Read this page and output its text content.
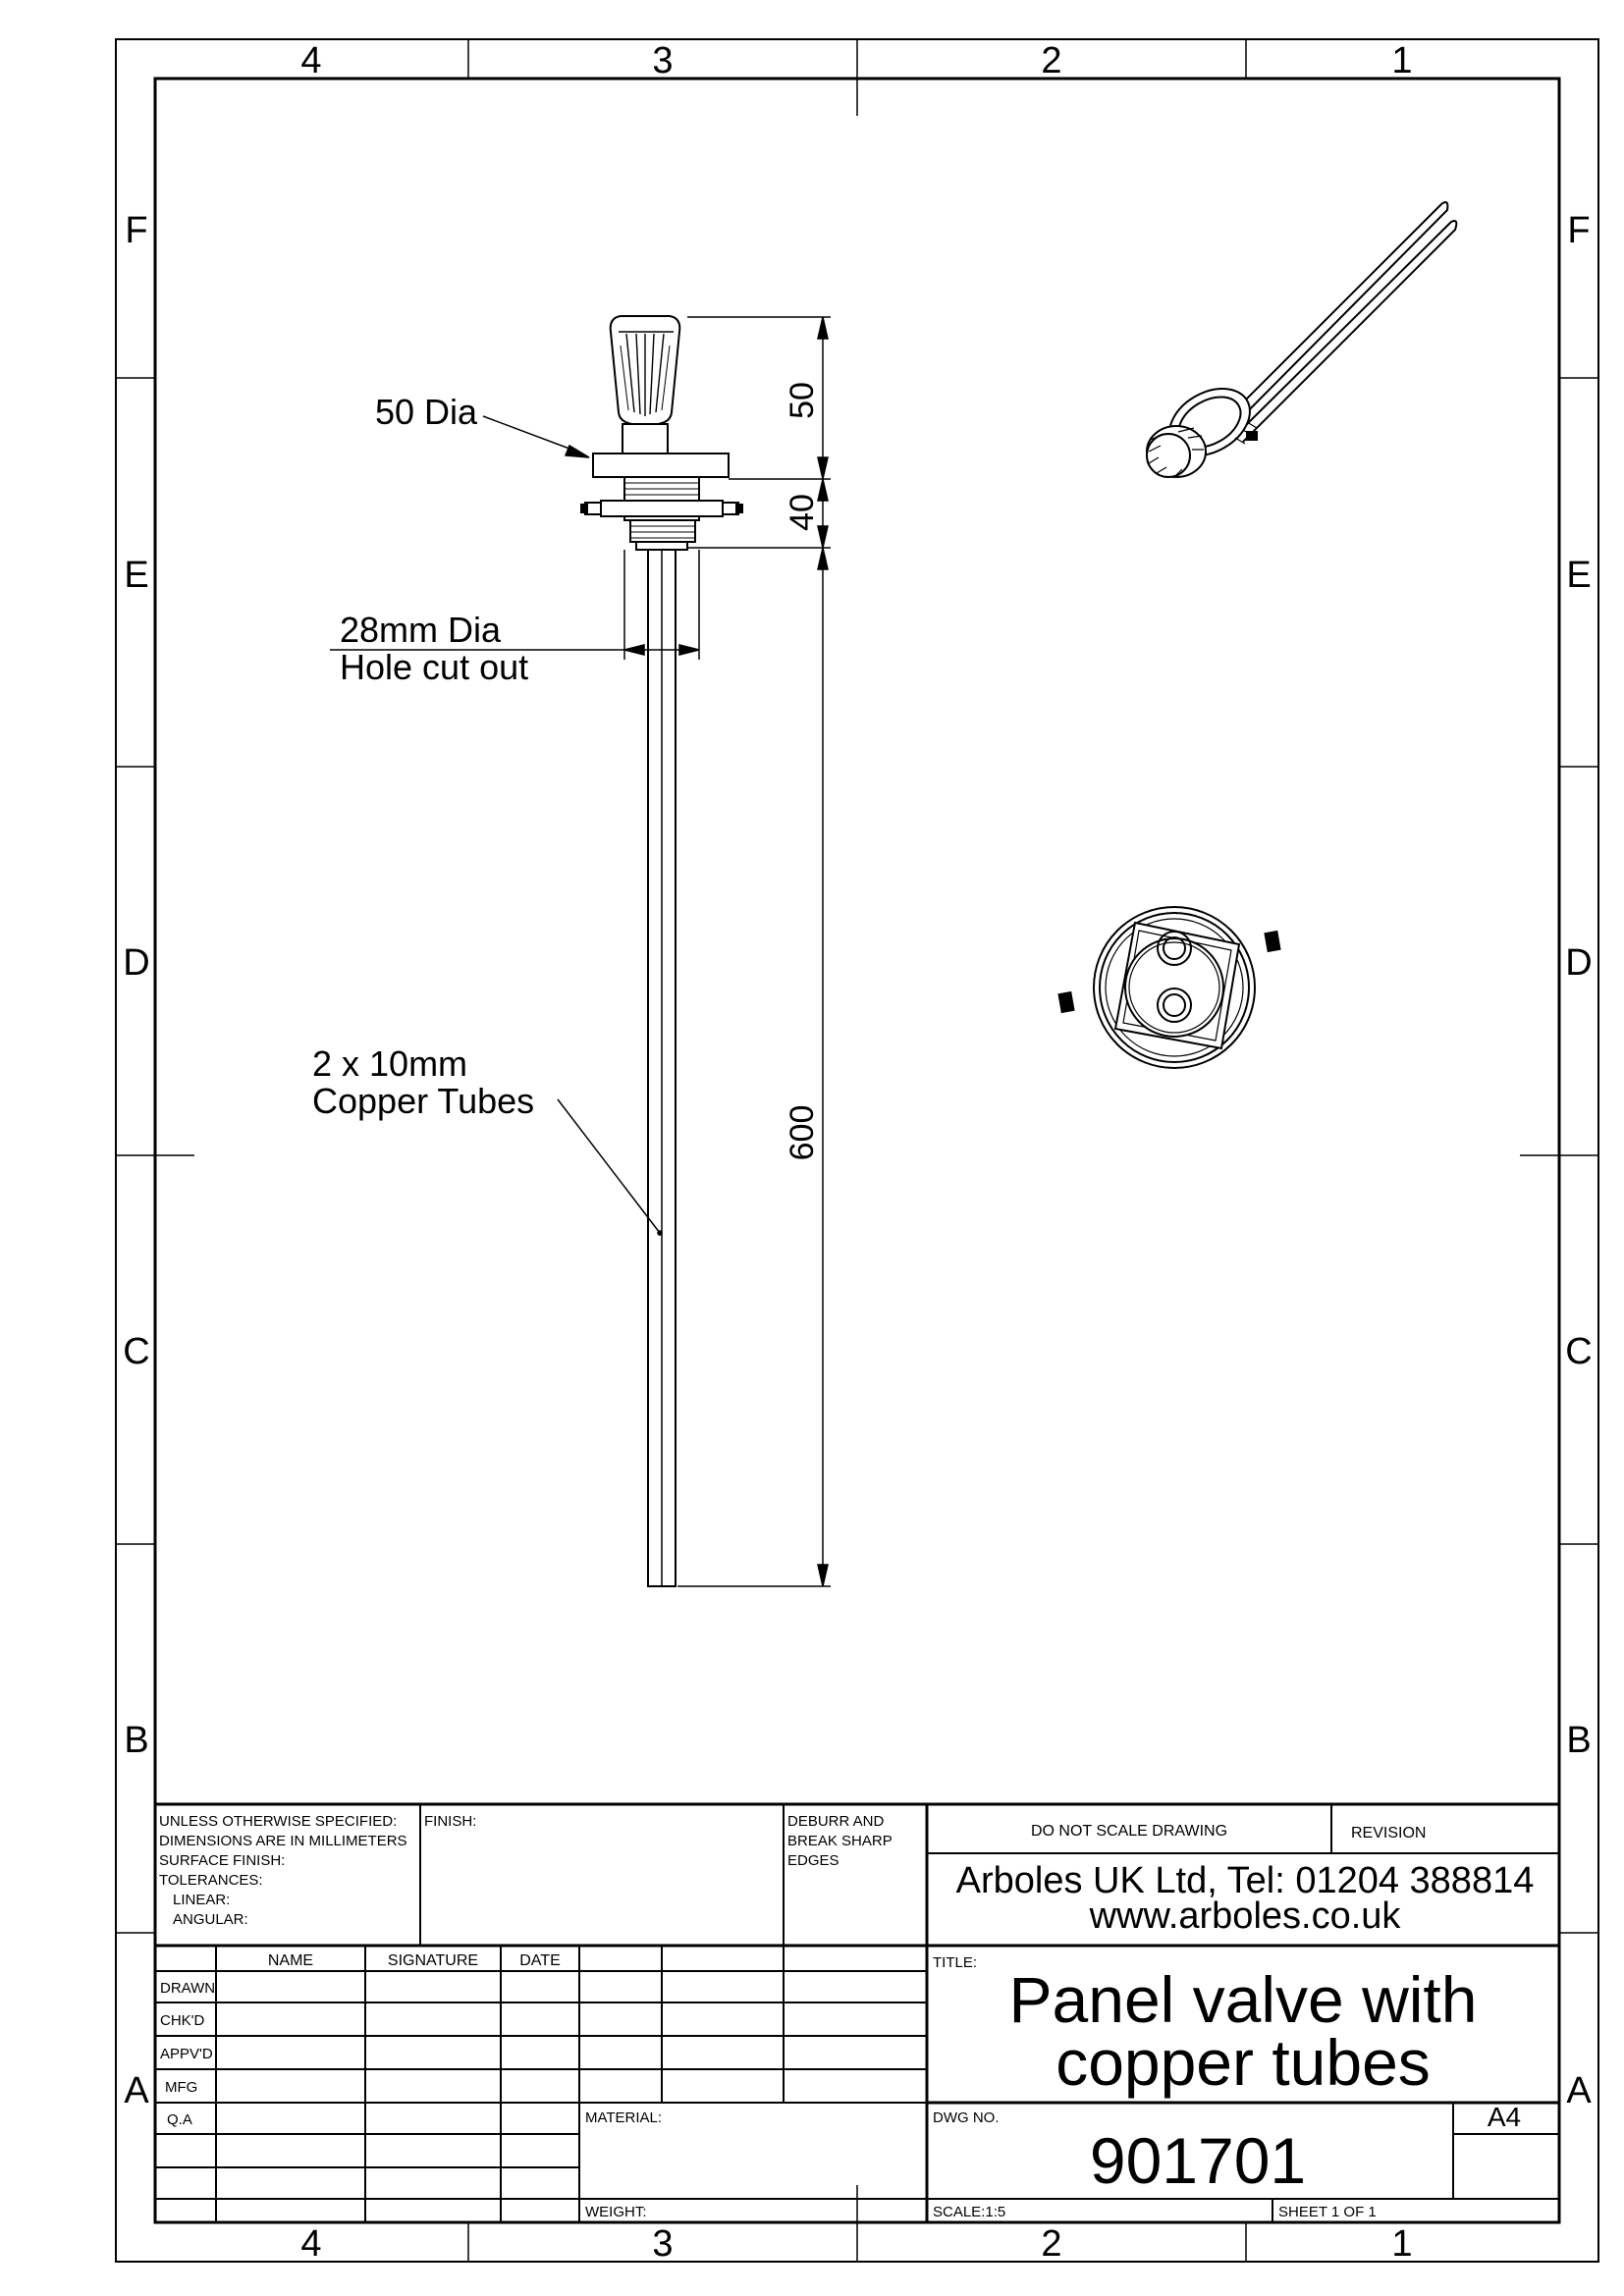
4	3	2	1
4	3	2	1
F
E
D
C
B
A
F
E
D
C
B
A
50
40
600
50 Dia
28mm Dia
Hole cut out
2 x 10mm
Copper Tubes
UNLESS OTHERWISE SPECIFIED:
DIMENSIONS ARE IN MILLIMETERS
SURFACE FINISH:
TOLERANCES:
LINEAR:
ANGULAR:
FINISH:	DEBURR AND
BREAK SHARP
EDGES
DO NOT SCALE DRAWING	REVISION
Arboles UK Ltd, Tel: 01204 388814
www.arboles.co.uk
NAME	SIGNATURE	DATE
DRAWN
CHK'D
APPV'D
MFG
Q.A
TITLE:
Panel valve with
copper tubes
MATERIAL:
WEIGHT:
DWG NO.
901701
A4
SCALE:1:5	SHEET 1 OF 1
